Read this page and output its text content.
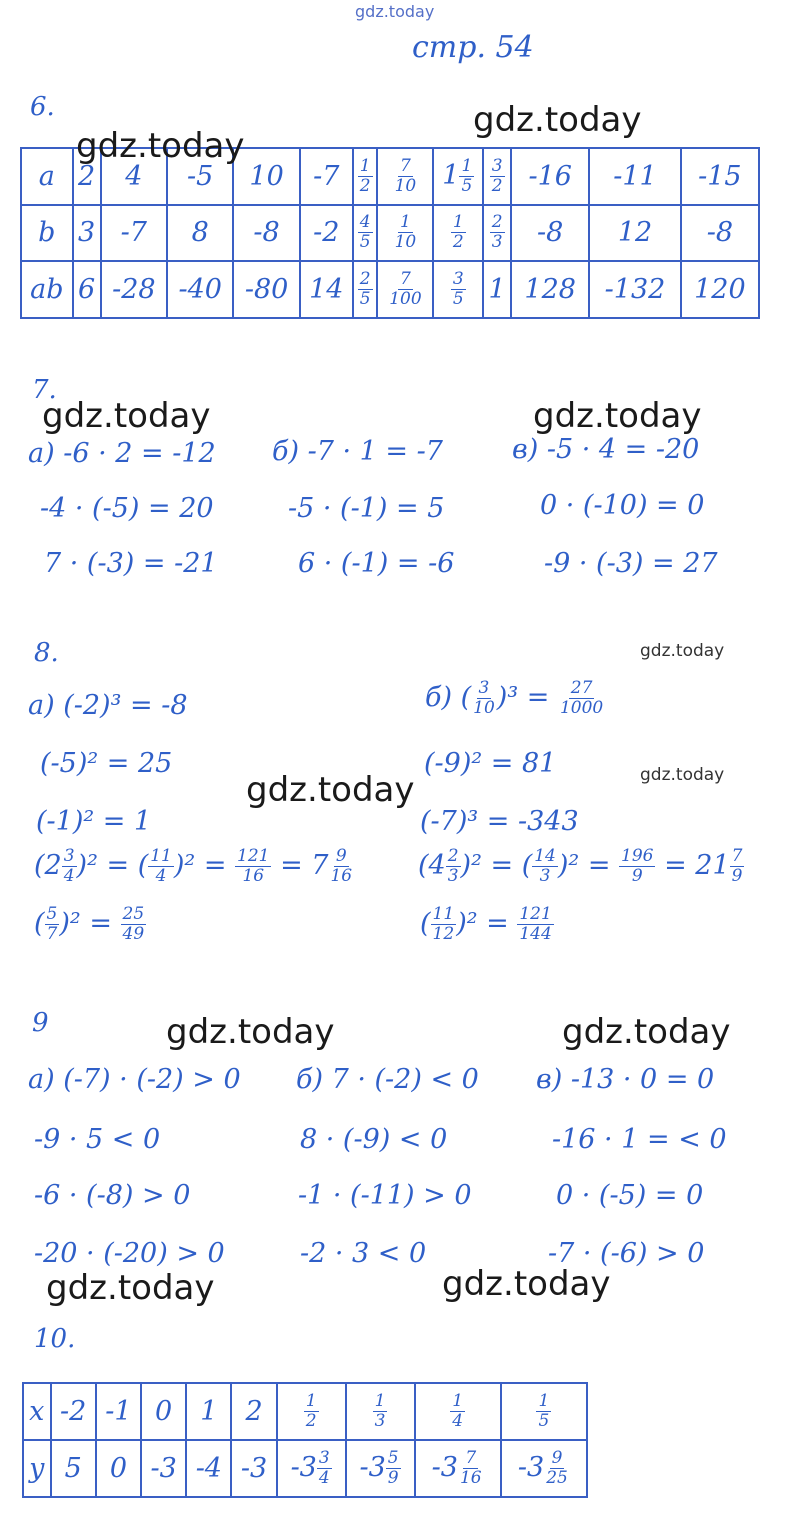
gdz.today
стр. 54
6.
a	2	4	-5	10	-7	$\frac{1}{2}$	$\frac{7}{10}$	$1 \frac{1}{5}$	$\frac{3}{2}$	-16	-11	-15
b	3	-7	8	-8	-2	$\frac{4}{5}$	$\frac{1}{10}$	$\frac{1}{2}$	$\frac{2}{3}$	-8	12	-8
ab	6	-28	-40	-80	14	$\frac{2}{5}$	$\frac{7}{100}$	$\frac{3}{5}$	1	128	-132	120
7.
а) -6 · 2 = -12
-4 · (-5) = 20
7 · (-3) = -21
б) -7 · 1 = -7
-5 · (-1) = 5
6 · (-1) = -6
в) -5 · 4 = -20
0 · (-10) = 0
-9 · (-3) = 27
8.
а) (-2)³ = -8
(-5)² = 25
(-1)² = 1
$(2 \frac{3}{4} )^2$ = ( $\frac{11}{4} )^2 = \frac{121}{16} = 7 \frac{9}{16}$
( $\frac{5}{7} )^2 = \frac{25}{49}$
б) ( $\frac{3}{10} )^3 = \frac{27}{1000}$
(-9)² = 81
(-7)³ = -343
$(4 \frac{2}{3} )^2$ = ( $\frac{14}{3} )^2 = \frac{196}{9} = 21 \frac{7}{9}$
( $\frac{11}{12} )^2 = \frac{121}{144}$
9
а) (-7) · (-2) > 0
-9 · 5 < 0
-6 · (-8) > 0
-20 · (-20) > 0
б) 7 · (-2) < 0
8 · (-9) < 0
-1 · (-11) > 0
-2 · 3 < 0
в) -13 · 0 = 0
-16 · 1 = < 0
0 · (-5) = 0
-7 · (-6) > 0
10.
x	-2	-1	0	1	2	$\frac{1}{2}$	$\frac{1}{3}$	$\frac{1}{4}$	$\frac{1}{5}$

y	5	0	-3	-4	-3	$-3 \frac{3}{4}$	$-3 \frac{5}{9}$	$-3 \frac{7}{16}$	$-3 \frac{9}{25}$
gdz.today
gdz.today
gdz.today	gdz.today
gdz.today
gdz.today
gdz.today
gdz.today	gdz.today
gdz.today	gdz.today
